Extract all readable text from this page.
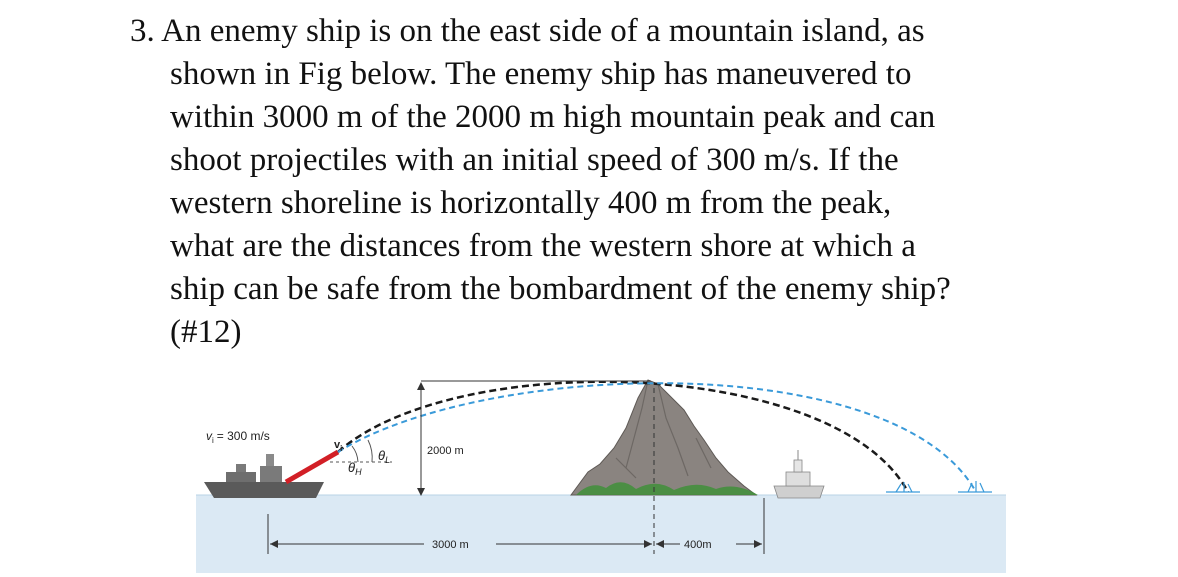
3. An enemy ship is on the east side of a mountain island, as
shown in Fig below. The enemy ship has maneuvered to
within 3000 m of the 2000 m high mountain peak and can
shoot projectiles with an initial speed of 300 m/s. If the
western shoreline is horizontally 400 m from the peak,
what are the distances from the western shore at which a
ship can be safe from the bombardment of the enemy ship?
(#12)
2000 m
$\theta_H$
$\theta_L$
$v_i = 300$ m/s
$v_i$
3000 m	400m
